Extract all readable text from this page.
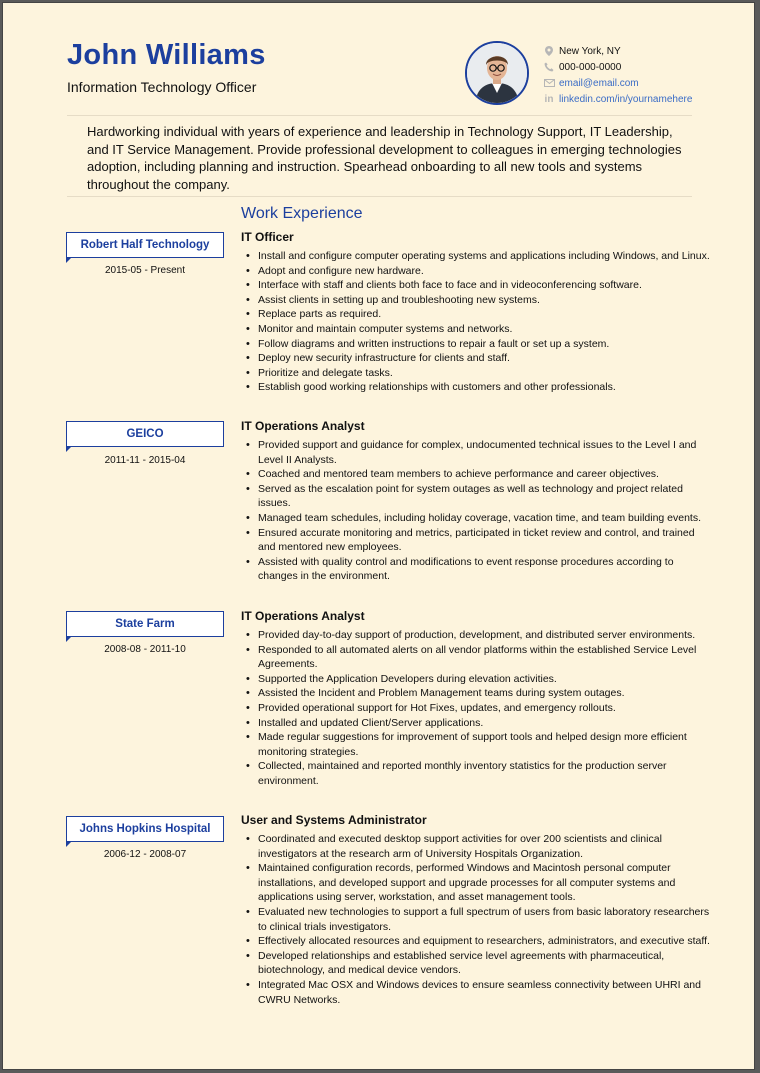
John Williams
Information Technology Officer
New York, NY
000-000-0000
email@email.com
in linkedin.com/in/yournamehere
Hardworking individual with years of experience and leadership in Technology Support, IT Leadership, and IT Service Management. Provide professional development to colleagues in emerging technologies adoption, including planning and instruction. Spearhead onboarding to all new tools and systems throughout the company.
Work Experience
Robert Half Technology
2015-05 - Present
IT Officer
• Install and configure computer operating systems and applications including Windows, and Linux.
• Adopt and configure new hardware.
• Interface with staff and clients both face to face and in videoconferencing software.
• Assist clients in setting up and troubleshooting new systems.
• Replace parts as required.
• Monitor and maintain computer systems and networks.
• Follow diagrams and written instructions to repair a fault or set up a system.
• Deploy new security infrastructure for clients and staff.
• Prioritize and delegate tasks.
• Establish good working relationships with customers and other professionals.
GEICO
2011-11 - 2015-04
IT Operations Analyst
• Provided support and guidance for complex, undocumented technical issues to the Level I and Level II Analysts.
• Coached and mentored team members to achieve performance and career objectives.
• Served as the escalation point for system outages as well as technology and project related issues.
• Managed team schedules, including holiday coverage, vacation time, and team building events.
• Ensured accurate monitoring and metrics, participated in ticket review and control, and trained and mentored new employees.
• Assisted with quality control and modifications to event response procedures according to changes in the environment.
State Farm
2008-08 - 2011-10
IT Operations Analyst
• Provided day-to-day support of production, development, and distributed server environments.
• Responded to all automated alerts on all vendor platforms within the established Service Level Agreements.
• Supported the Application Developers during elevation activities.
• Assisted the Incident and Problem Management teams during system outages.
• Provided operational support for Hot Fixes, updates, and emergency rollouts.
• Installed and updated Client/Server applications.
• Made regular suggestions for improvement of support tools and helped design more efficient monitoring strategies.
• Collected, maintained and reported monthly inventory statistics for the production server environment.
Johns Hopkins Hospital
2006-12 - 2008-07
User and Systems Administrator
• Coordinated and executed desktop support activities for over 200 scientists and clinical investigators at the research arm of University Hospitals Organization.
• Maintained configuration records, performed Windows and Macintosh personal computer installations, and developed support and upgrade processes for all computer systems and applications using server, workstation, and asset management tools.
• Evaluated new technologies to support a full spectrum of users from basic laboratory researchers to clinical trials investigators.
• Effectively allocated resources and equipment to researchers, administrators, and executive staff.
• Developed relationships and established service level agreements with pharmaceutical, biotechnology, and medical device vendors.
• Integrated Mac OSX and Windows devices to ensure seamless connectivity between UHRI and CWRU Networks.
